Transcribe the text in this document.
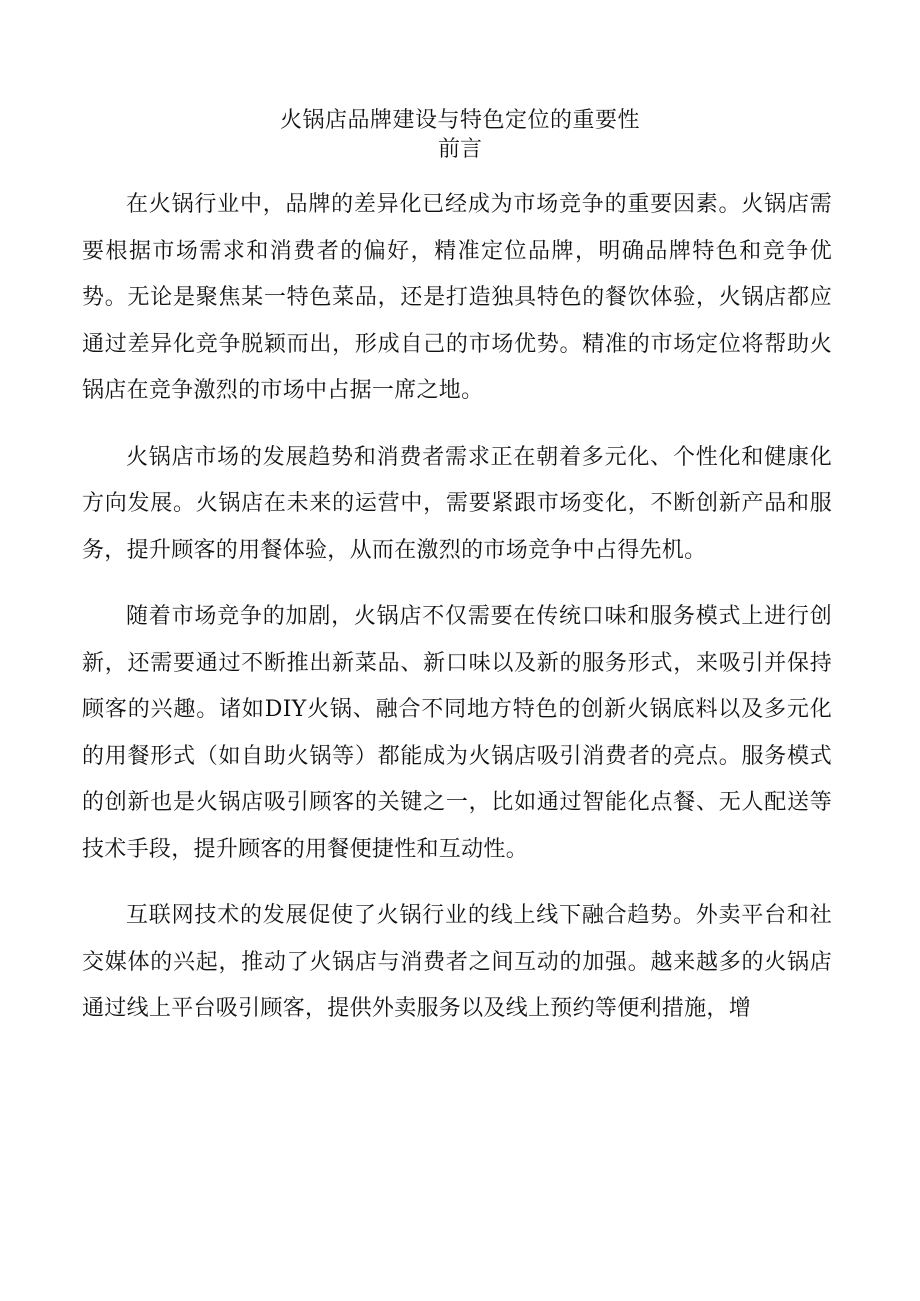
火锅店品牌建设与特色定位的重要性
前言

在火锅行业中，品牌的差异化已经成为市场竞争的重要因素。火锅店需要根据市场需求和消费者的偏好，精准定位品牌，明确品牌特色和竞争优势。无论是聚焦某一特色菜品，还是打造独具特色的餐饮体验，火锅店都应通过差异化竞争脱颖而出，形成自己的市场优势。精准的市场定位将帮助火锅店在竞争激烈的市场中占据一席之地。

火锅店市场的发展趋势和消费者需求正在朝着多元化、个性化和健康化方向发展。火锅店在未来的运营中，需要紧跟市场变化，不断创新产品和服务，提升顾客的用餐体验，从而在激烈的市场竞争中占得先机。

随着市场竞争的加剧，火锅店不仅需要在传统口味和服务模式上进行创新，还需要通过不断推出新菜品、新口味以及新的服务形式，来吸引并保持顾客的兴趣。诸如DIY火锅、融合不同地方特色的创新火锅底料以及多元化的用餐形式（如自助火锅等）都能成为火锅店吸引消费者的亮点。服务模式的创新也是火锅店吸引顾客的关键之一，比如通过智能化点餐、无人配送等技术手段，提升顾客的用餐便捷性和互动性。

互联网技术的发展促使了火锅行业的线上线下融合趋势。外卖平台和社交媒体的兴起，推动了火锅店与消费者之间互动的加强。越来越多的火锅店通过线上平台吸引顾客，提供外卖服务以及线上预约等便利措施，增
